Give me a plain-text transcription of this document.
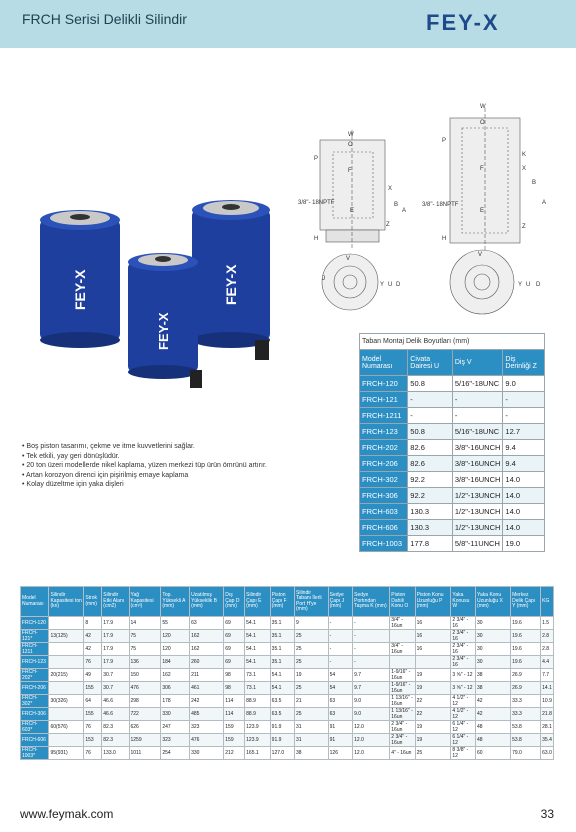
FRCH Serisi Delikli Silindir	FEY-X
FEY-X	FEY-X
FEY-X
W
O
F
P
X
E
B
A
Z
H
3/8"- 18NPTF
W
O
F
P
K
X
B
A
E
Z
H
3/8"- 18NPTF
V
J
Y U D
V
Y U D
Taban Montaj Delik Boyutları (mm)			
Model Numarası	Civata Dairesi U	Diş V	Diş Derinliği Z
FRCH-120	50.8	5/16"-18UNC	9.0
FRCH-121	-	-	-
FRCH-1211	-	-	-
FRCH-123	50.8	5/16"-18UNC	12.7
FRCH-202	82.6	3/8"-16UNCH	9.4
FRCH-206	82.6	3/8"-16UNCH	9.4
FRCH-302	92.2	3/8"-16UNCH	14.0
FRCH-306	92.2	1/2"-13UNCH	14.0
FRCH-603	130.3	1/2"-13UNCH	14.0
FRCH-606	130.3	1/2"-13UNCH	14.0
FRCH-1003	177.8	5/8"-11UNCH	19.0
• Boş piston tasarımı, çekme ve itme kuvvetlerini sağlar.
• Tek etkili, yay geri dönüşlüdür.
• 20 ton üzeri modellerde nikel kaplama, yüzen merkezi tüp ürün ömrünü artırır.
• Artan korozyon direnci için pişirilmiş emaye kaplama
• Kolay düzeltme için yaka dişleri
Model Numarası	Silindir Kapasitesi ton (kn)	Strok (mm)	Silindir Etki Alanı (cm2)	Yağ Kapasitesi (cm³)	Top. Yüksekli A (mm)	Uzatılmış Yükseklik B (mm)	Dış Çap D (mm)	Silindir Çapı E (mm)	Piston Çapı F (mm)	Silindir Tabanı İlerli Port H'ye (mm)	Sedye Çapı J (mm)	Sedye Portından Taşma K (mm)	Piston Dahili Konu O	Piston Konu Uzunluğu P (mm)	Yaka Konusu W	Yaka Konu Uzunluğu X (mm)	Merkez Delik Çapı Y (mm)	KG
FRCH-120		8	17.9	14	55	63	69	54.1	35.1	9	-	-	3/4" - 16un	16	2 3/4" - 16	30	19.6	1.5
FRCH-121*	13(125)	42	17.9	75	120	162	69	54.1	35.1	25	-	-		16	2 3/4" - 16	30	19.6	2.8
FRCH-1211		42	17.9	75	120	162	69	54.1	35.1	25	-	-	3/4" - 16un	16	2 3/4" - 16	30	19.6	2.8
FRCH-123		76	17.9	136	184	260	69	54.1	35.1	25	-	-			2 3/4" - 16	30	19.6	4.4
FRCH-202*	20(215)	49	30.7	150	162	211	98	73.1	54.1	19	54	9.7	1-9/16" - 16un	19	3 ⅝" - 12	38	26.9	7.7
FRCH-206		155	30.7	476	306	461	98	73.1	54.1	25	54	9.7	1-9/16" - 16un	19	3 ⅝" - 12	38	26.9	14.1
FRCH-302*	30(326)	64	46.6	298	178	242	114	88.9	63.5	21	63	9.0	1 13/16" - 16un	22	4 1/2" - 12	42	33.3	10.9
FRCH-306		155	46.6	722	330	485	114	88.9	63.5	25	63	9.0	1 13/16" - 16un	22	4 1/2" - 12	42	33.3	21.8
FRCH-603*	60(576)	76	82.3	626	247	323	159	123.9	91.9	31	91	12.0	2 3/4" - 16un	19	6 1/4" - 12	48	53.8	28.1
FRCH-606		153	82.3	1259	323	476	159	123.9	91.9	31	91	12.0	2 3/4" - 16un	19	6 1/4" - 12	48	53.8	35.4
FRCH-1003*	95(931)	76	133.0	1011	254	330	212	165.1	127.0	38	126	12.0	4" - 16un	25	8 3/8" - 12	60	79.0	63.0
www.feymak.com	33
